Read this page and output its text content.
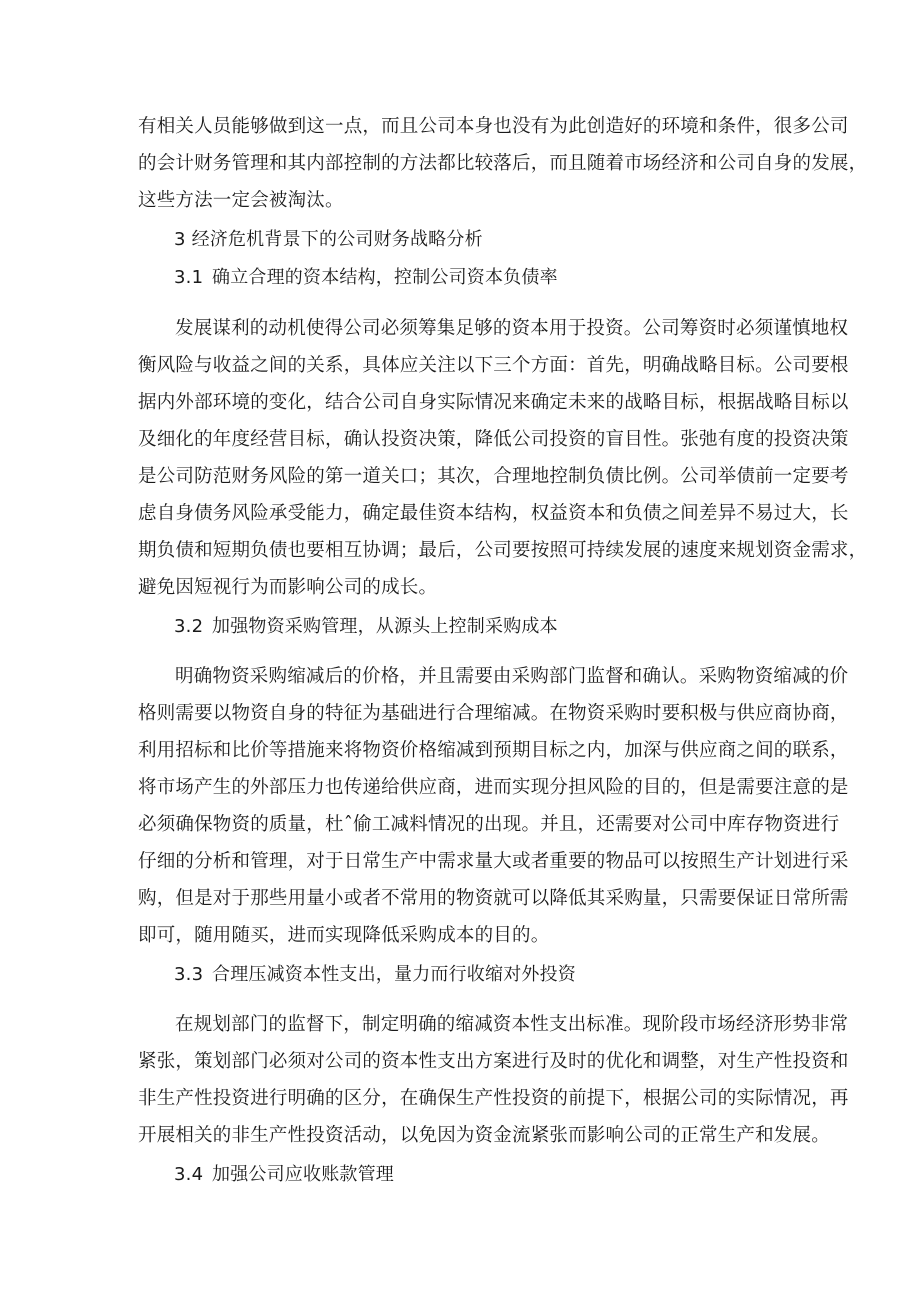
有相关人员能够做到这一点，而且公司本身也没有为此创造好的环境和条件，很多公司
的会计财务管理和其内部控制的方法都比较落后，而且随着市场经济和公司自身的发展，
这些方法一定会被淘汰。
3 经济危机背景下的公司财务战略分析
3.1 确立合理的资本结构，控制公司资本负债率
发展谋利的动机使得公司必须筹集足够的资本用于投资。公司筹资时必须谨慎地权
衡风险与收益之间的关系，具体应关注以下三个方面：首先，明确战略目标。公司要根
据内外部环境的变化，结合公司自身实际情况来确定未来的战略目标，根据战略目标以
及细化的年度经营目标，确认投资决策，降低公司投资的盲目性。张弛有度的投资决策
是公司防范财务风险的第一道关口；其次，合理地控制负债比例。公司举债前一定要考
虑自身债务风险承受能力，确定最佳资本结构，权益资本和负债之间差异不易过大，长
期负债和短期负债也要相互协调；最后，公司要按照可持续发展的速度来规划资金需求，
避免因短视行为而影响公司的成长。
3.2 加强物资采购管理，从源头上控制采购成本
明确物资采购缩减后的价格，并且需要由采购部门监督和确认。采购物资缩减的价
格则需要以物资自身的特征为基础进行合理缩减。在物资采购时要积极与供应商协商，
利用招标和比价等措施来将物资价格缩减到预期目标之内，加深与供应商之间的联系，
将市场产生的外部压力也传递给供应商，进而实现分担风险的目的，但是需要注意的是
必须确保物资的质量，杜ˆ偷工减料情况的出现。并且，还需要对公司中库存物资进行
仔细的分析和管理，对于日常生产中需求量大或者重要的物品可以按照生产计划进行采
购，但是对于那些用量小或者不常用的物资就可以降低其采购量，只需要保证日常所需
即可，随用随买，进而实现降低采购成本的目的。
3.3 合理压减资本性支出，量力而行收缩对外投资
在规划部门的监督下，制定明确的缩减资本性支出标准。现阶段市场经济形势非常
紧张，策划部门必须对公司的资本性支出方案进行及时的优化和调整，对生产性投资和
非生产性投资进行明确的区分，在确保生产性投资的前提下，根据公司的实际情况，再
开展相关的非生产性投资活动，以免因为资金流紧张而影响公司的正常生产和发展。
3.4 加强公司应收账款管理
